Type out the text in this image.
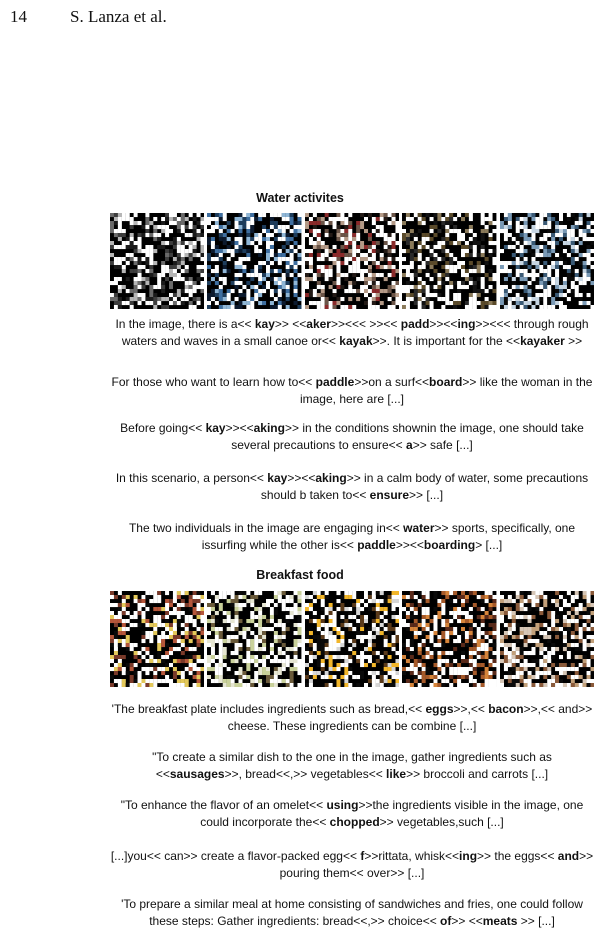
14	S. Lanza et al.
Water activites
In the image, there is a<< kay>> <<aker>><<< >><< padd>><<ing>><<< through rough waters and waves in a small canoe or<< kayak>>. It is important for the <<kayaker >>
For those who want to learn how to<< paddle>>on a surf<<board>> like the woman in the image, here are [...]
Before going<< kay>><<aking>> in the conditions shownin the image, one should take several precautions to ensure<< a>> safe [...]
In this scenario, a person<< kay>><<aking>> in a calm body of water, some precautions should b taken to<< ensure>> [...]
The two individuals in the image are engaging in<< water>> sports, specifically, one issurfing while the other is<< paddle>><<boarding> [...]
Breakfast food
'The breakfast plate includes ingredients such as bread,<< eggs>>,<< bacon>>,<< and>> cheese. These ingredients can be combine [...]
"To create a similar dish to the one in the image, gather ingredients such as <<sausages>>, bread<<,>> vegetables<< like>> broccoli and carrots [...]
"To enhance the flavor of an omelet<< using>>the ingredients visible in the image, one could incorporate the<< chopped>> vegetables,such [...]
[...]you<< can>> create a flavor-packed egg<< f>>rittata, whisk<<ing>> the eggs<< and>> pouring them<< over>> [...]
'To prepare a similar meal at home consisting of sandwiches and fries, one could follow these steps: Gather ingredients: bread<<,>> choice<< of>> <<meats >> [...]
